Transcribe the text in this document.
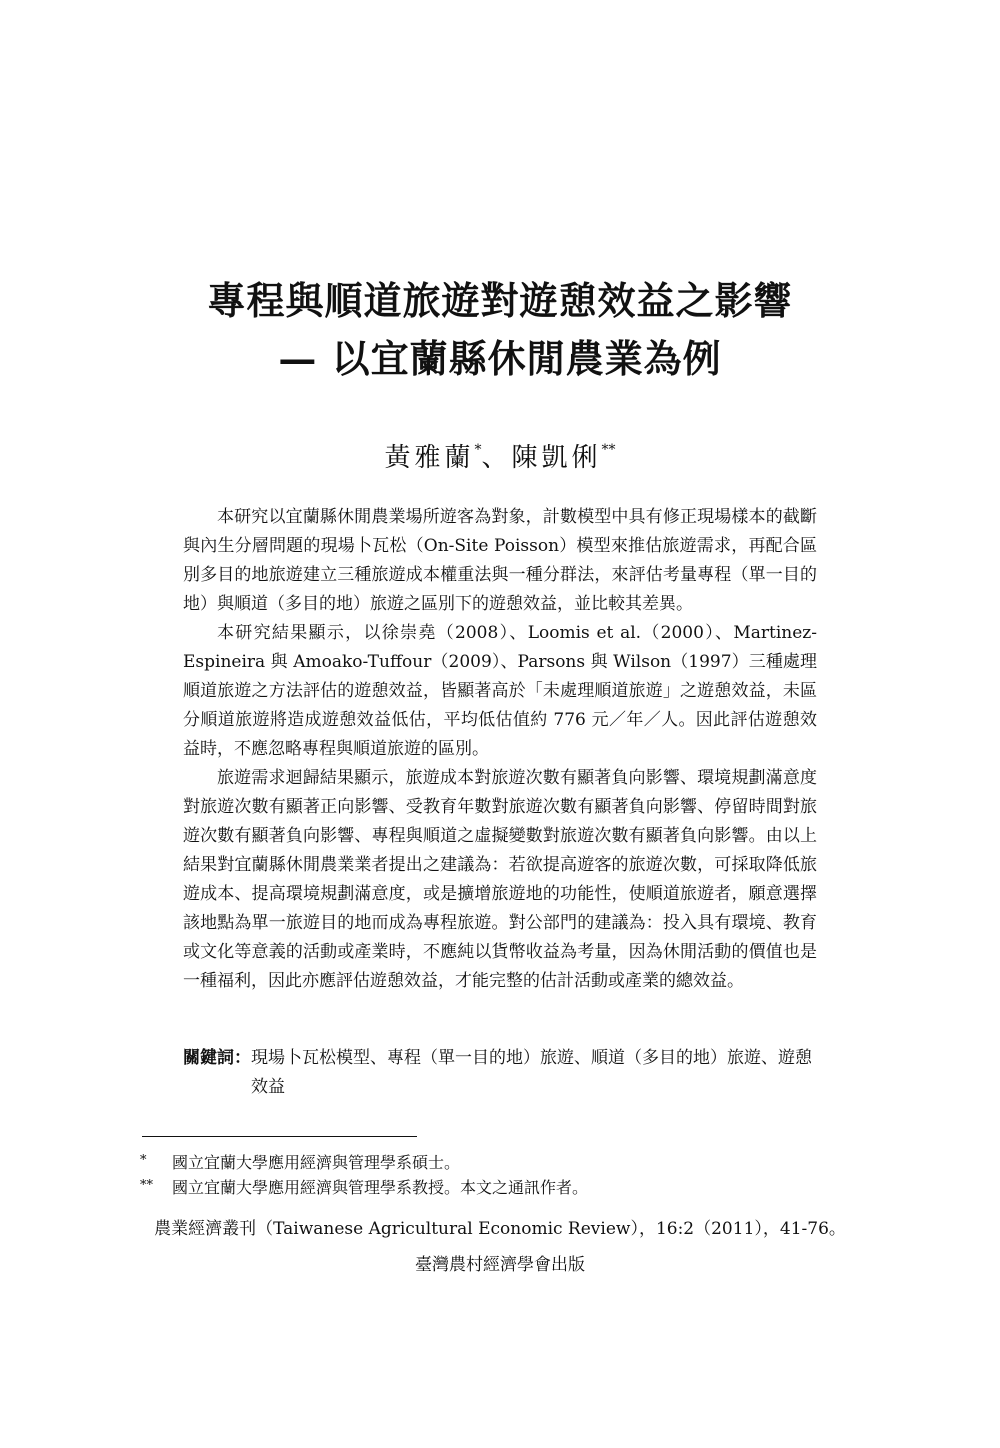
專程與順道旅遊對遊憩效益之影響
— 以宜蘭縣休閒農業為例
黃雅蘭*、陳凱俐**

本研究以宜蘭縣休閒農業場所遊客為對象，計數模型中具有修正現場樣本的截斷與內生分層問題的現場卜瓦松（On-Site Poisson）模型來推估旅遊需求，再配合區別多目的地旅遊建立三種旅遊成本權重法與一種分群法，來評估考量專程（單一目的地）與順道（多目的地）旅遊之區別下的遊憩效益，並比較其差異。

本研究結果顯示，以徐崇堯（2008）、Loomis et al.（2000）、Martinez-Espineira 與 Amoako-Tuffour（2009）、Parsons 與 Wilson（1997）三種處理順道旅遊之方法評估的遊憩效益，皆顯著高於「未處理順道旅遊」之遊憩效益，未區分順道旅遊將造成遊憩效益低估，平均低估值約 776 元／年／人。因此評估遊憩效益時，不應忽略專程與順道旅遊的區別。

旅遊需求迴歸結果顯示，旅遊成本對旅遊次數有顯著負向影響、環境規劃滿意度對旅遊次數有顯著正向影響、受教育年數對旅遊次數有顯著負向影響、停留時間對旅遊次數有顯著負向影響、專程與順道之虛擬變數對旅遊次數有顯著負向影響。由以上結果對宜蘭縣休閒農業業者提出之建議為：若欲提高遊客的旅遊次數，可採取降低旅遊成本、提高環境規劃滿意度，或是擴增旅遊地的功能性，使順道旅遊者，願意選擇該地點為單一旅遊目的地而成為專程旅遊。對公部門的建議為：投入具有環境、教育或文化等意義的活動或產業時，不應純以貨幣收益為考量，因為休閒活動的價值也是一種福利，因此亦應評估遊憩效益，才能完整的估計活動或產業的總效益。

關鍵詞： 現場卜瓦松模型、專程（單一目的地）旅遊、順道（多目的地）旅遊、遊憩效益
* 國立宜蘭大學應用經濟與管理學系碩士。
** 國立宜蘭大學應用經濟與管理學系教授。本文之通訊作者。
農業經濟叢刊（Taiwanese Agricultural Economic Review），16:2（2011），41-76。
臺灣農村經濟學會出版
